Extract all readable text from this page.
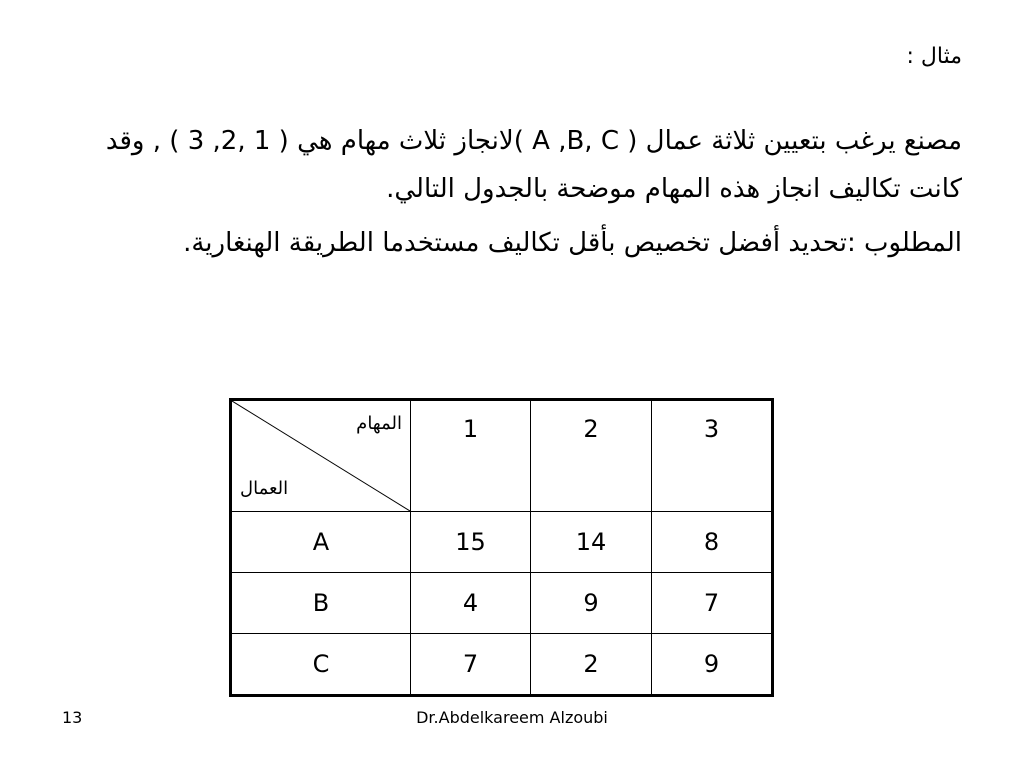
مثال :

مصنع يرغب بتعيين ثلاثة عمال ( A ,B, C )لانجاز ثلاث مهام هي ( 1 ,2, 3 ) , وقد كانت تكاليف انجاز هذه المهام موضحة بالجدول التالي.

المطلوب :تحديد أفضل تخصيص بأقل تكاليف مستخدما الطريقة الهنغارية.

المهام
العمال	1	2	3
A	15	14	8
B	4	9	7
C	7	2	9
13	Dr.Abdelkareem Alzoubi
